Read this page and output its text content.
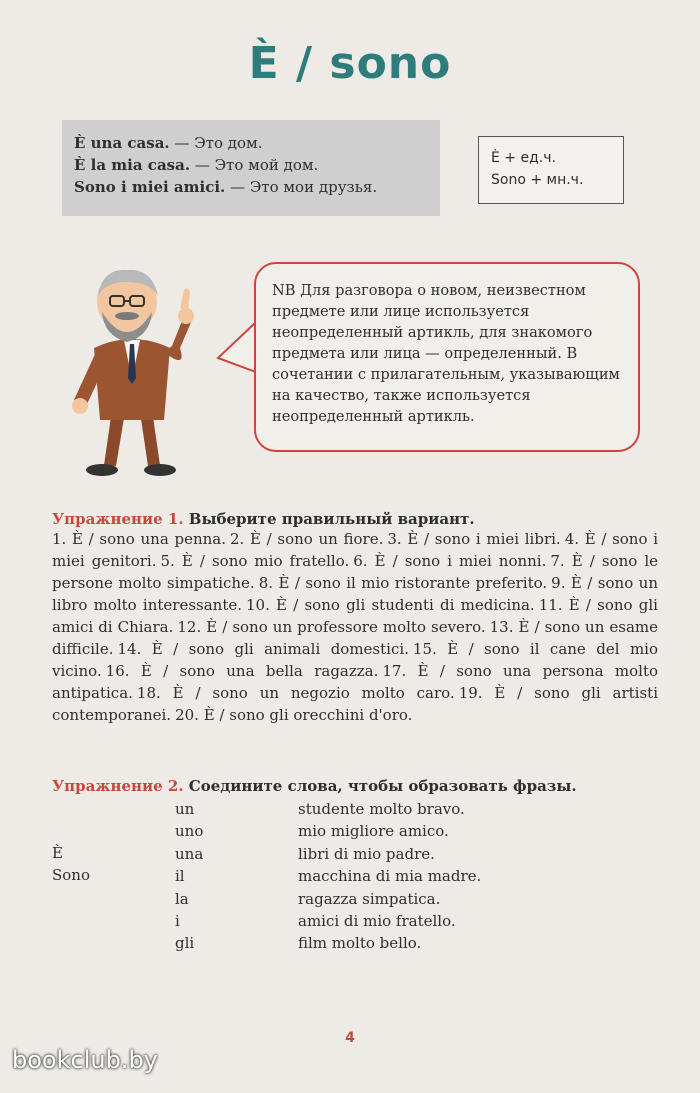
È / sono
È una casa. — Это дом.
È la mia casa. — Это мой дом.
Sono i miei amici. — Это мои друзья.
È + ед.ч.
Sono + мн.ч.
NB Для разговора о новом, неизвестном предмете или лице используется неопределенный артикль, для знакомого предмета или лица — определенный. В сочетании с прилагательным, указывающим на качество, также используется неопределенный артикль.
Упражнение 1. Выберите правильный вариант.
1. È / sono una penna. 2. È / sono un fiore. 3. È / sono i miei libri. 4. È / sono i miei genitori. 5. È / sono mio fratello. 6. È / sono i miei nonni. 7. È / sono le persone molto simpatiche. 8. È / sono il mio ristorante preferito. 9. È / sono un libro molto interessante. 10. È / sono gli studenti di medicina. 11. È / sono gli amici di Chiara. 12. È / sono un professore molto severo. 13. È / sono un esame difficile. 14. È / sono gli animali domestici. 15. È / sono il cane del mio vicino. 16. È / sono una bella ragazza. 17. È / sono una persona molto antipatica. 18. È / sono un negozio molto caro. 19. È / sono gli artisti contemporanei. 20. È / sono gli orecchini d'oro.
Упражнение 2. Соедините слова, чтобы образовать фразы.
È
Sono
un
uno
una
il
la
i
gli
studente molto bravo.
mio migliore amico.
libri di mio padre.
macchina di mia madre.
ragazza simpatica.
amici di mio fratello.
film molto bello.
4
bookclub.by
